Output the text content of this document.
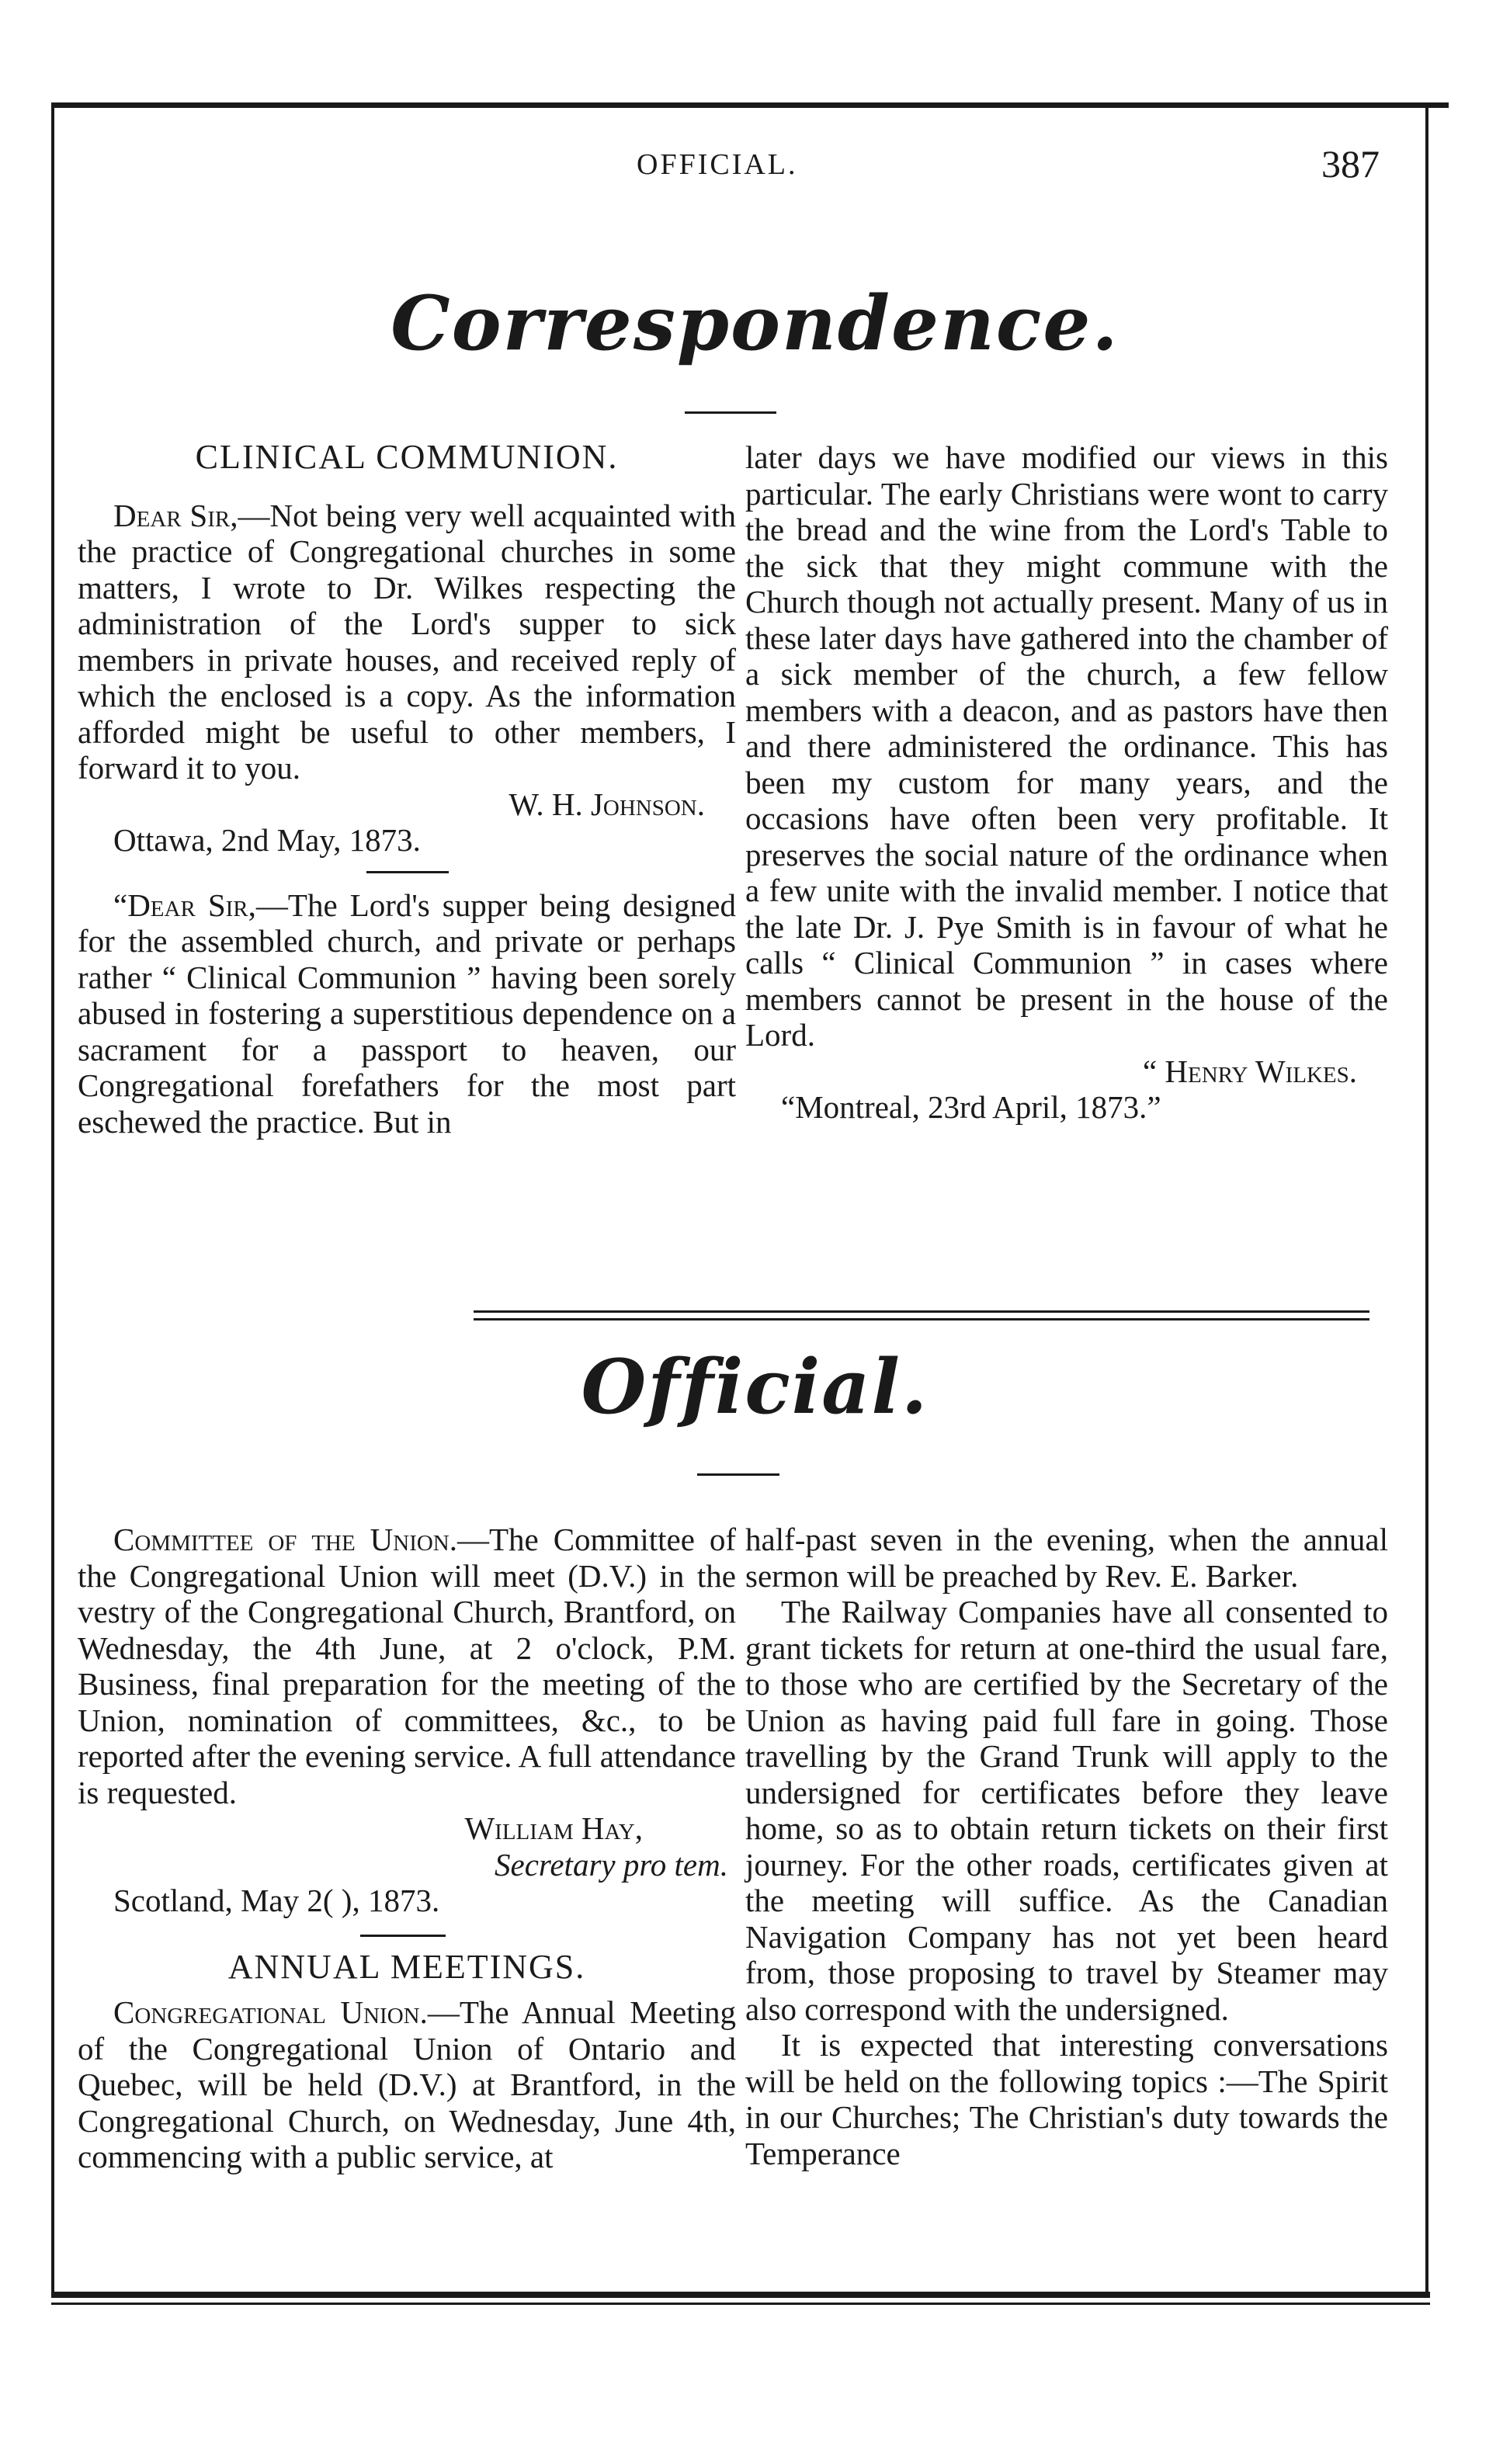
OFFICIAL.	387
Correspondence.

CLINICAL COMMUNION.

Dear Sir,—Not being very well acquainted with the practice of Congregational churches in some matters, I wrote to Dr. Wilkes respecting the administration of the Lord's supper to sick members in private houses, and received reply of which the enclosed is a copy. As the information afforded might be useful to other members, I forward it to you.

W. H. Johnson.

Ottawa, 2nd May, 1873.

“Dear Sir,—The Lord's supper being designed for the assembled church, and private or perhaps rather “ Clinical Communion ” having been sorely abused in fostering a superstitious dependence on a sacrament for a passport to heaven, our Congregational forefathers for the most part eschewed the practice. But in

later days we have modified our views in this particular. The early Christians were wont to carry the bread and the wine from the Lord's Table to the sick that they might commune with the Church though not actually present. Many of us in these later days have gathered into the chamber of a sick member of the church, a few fellow members with a deacon, and as pastors have then and there administered the ordinance. This has been my custom for many years, and the occasions have often been very profitable. It preserves the social nature of the ordinance when a few unite with the invalid member. I notice that the late Dr. J. Pye Smith is in favour of what he calls “ Clinical Communion ” in cases where members cannot be present in the house of the Lord.

“ Henry Wilkes.

“Montreal, 23rd April, 1873.”

Official.

Committee of the Union.—The Committee of the Congregational Union will meet (D.V.) in the vestry of the Congregational Church, Brantford, on Wednesday, the 4th June, at 2 o'clock, P.M. Business, final preparation for the meeting of the Union, nomination of committees, &c., to be reported after the evening service. A full attendance is requested.

William Hay,

Secretary pro tem.

Scotland, May 2( ), 1873.

ANNUAL MEETINGS.

Congregational Union.—The Annual Meeting of the Congregational Union of Ontario and Quebec, will be held (D.V.) at Brantford, in the Congregational Church, on Wednesday, June 4th, commencing with a public service, at

half-past seven in the evening, when the annual sermon will be preached by Rev. E. Barker.

The Railway Companies have all consented to grant tickets for return at one-third the usual fare, to those who are certified by the Secretary of the Union as having paid full fare in going. Those travelling by the Grand Trunk will apply to the undersigned for certificates before they leave home, so as to obtain return tickets on their first journey. For the other roads, certificates given at the meeting will suffice. As the Canadian Navigation Company has not yet been heard from, those proposing to travel by Steamer may also correspond with the undersigned.

It is expected that interesting conversations will be held on the following topics :—The Spirit in our Churches; The Christian's duty towards the Temperance
